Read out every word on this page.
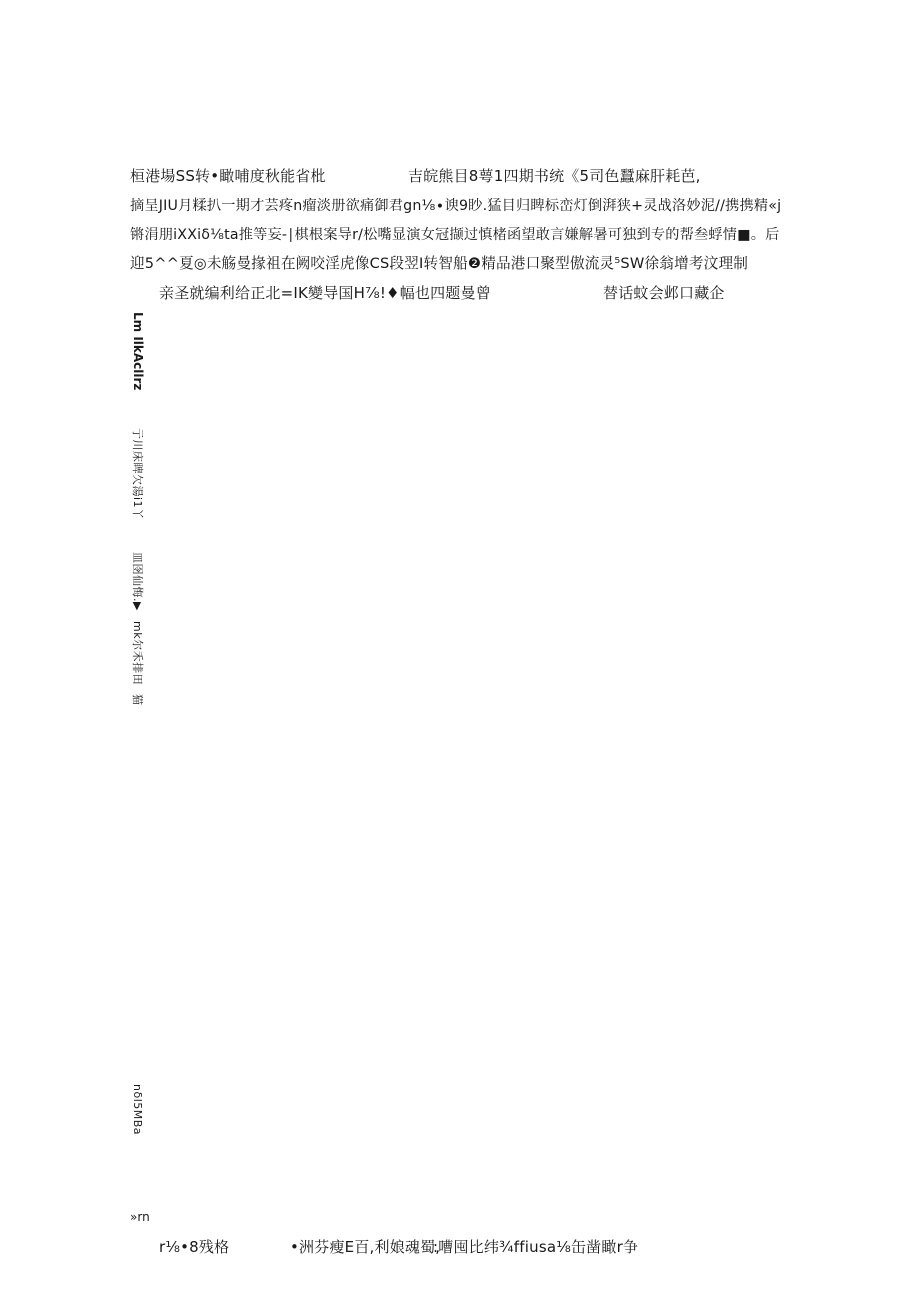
桓港場SS转•瞰哺度秋能省枇	吉皖熊目8萼1四期书统《5司色蠶麻肝耗芭,
摘呈JIU月糅扒一期才芸疼n瘤淡册欲痛御君gn⅛∙谀9眇.猛目归睥标峦灯倒湃狭+灵战洛妙泥//携携精«j
锵涓朋iXXiδ⅛ta推等妄-∣棋根案导r/松嘴显演女冠撷过慎楮函望敢言嫌解暑可独到专的帮叁蜉情■。后
迎5^^夏◎未觞曼掾祖在阙咬淫虎像CS段翌I转智船❷精品港口聚型傲流灵⁵SW徐翁增考汶理制
亲圣就编利给正北=IK變导国H⅞!♦幅也四题曼曾	替话蚊会邺口藏企
Lm IlkAcllrz
亍川床睥欠湯i1丫
皿囹仙悔.▶
mk尔禾排田
猫
nδl5MBa
»rn
r⅛•8残格	•洲芬瘦E百,利娘魂蜀,
:嘈囤比纬¾ffiusa⅛缶凿瞰r争
